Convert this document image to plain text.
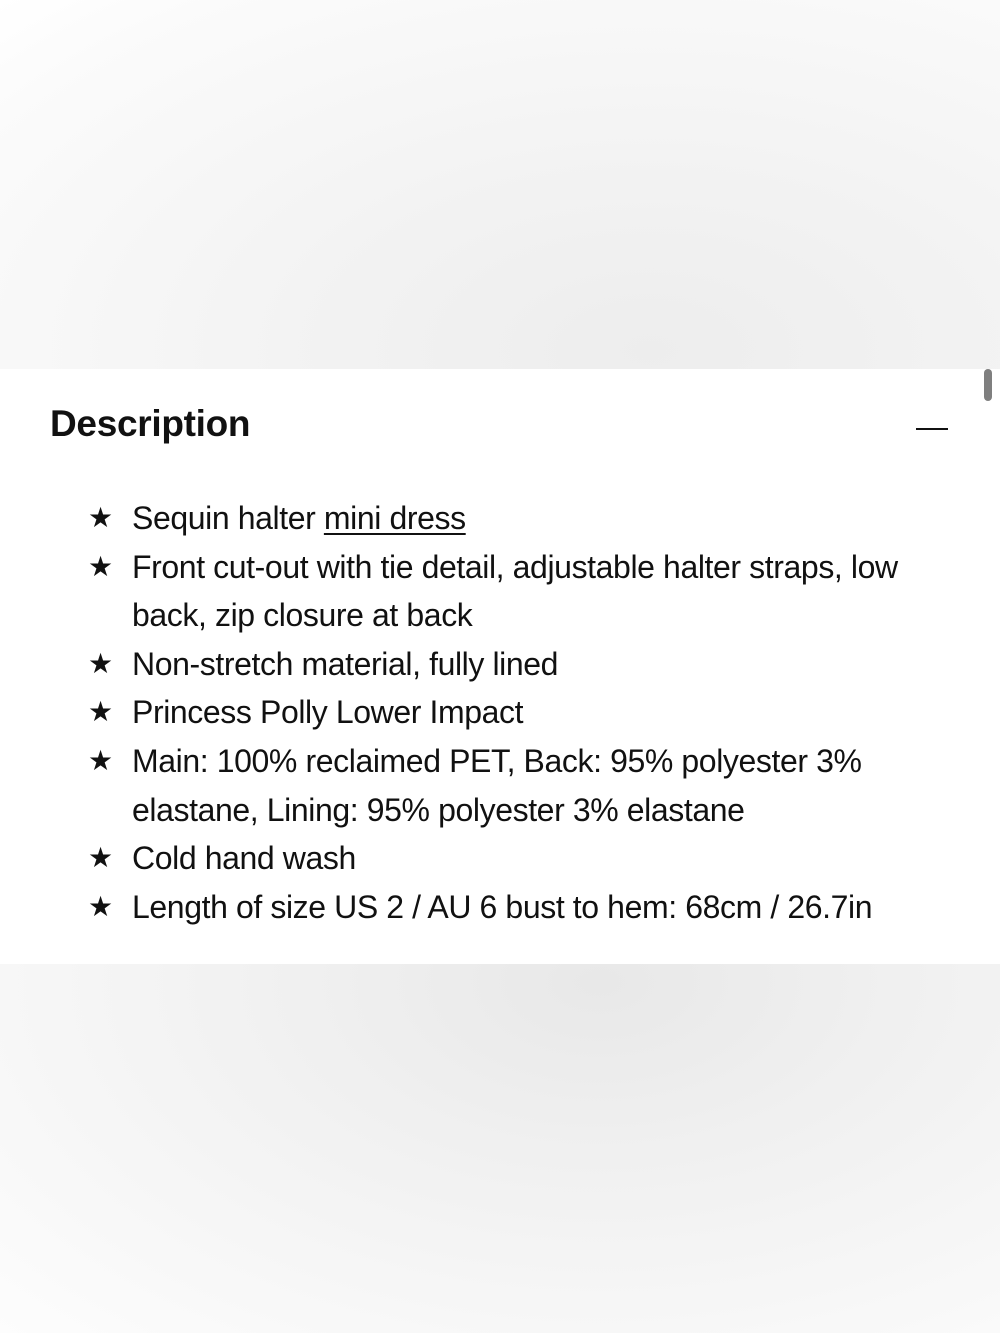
Description
★ Sequin halter mini dress
★ Front cut-out with tie detail, adjustable halter straps, low back, zip closure at back
★ Non-stretch material, fully lined
★ Princess Polly Lower Impact
★ Main: 100% reclaimed PET, Back: 95% polyester 3% elastane, Lining: 95% polyester 3% elastane
★ Cold hand wash
★ Length of size US 2 / AU 6 bust to hem: 68cm / 26.7in
